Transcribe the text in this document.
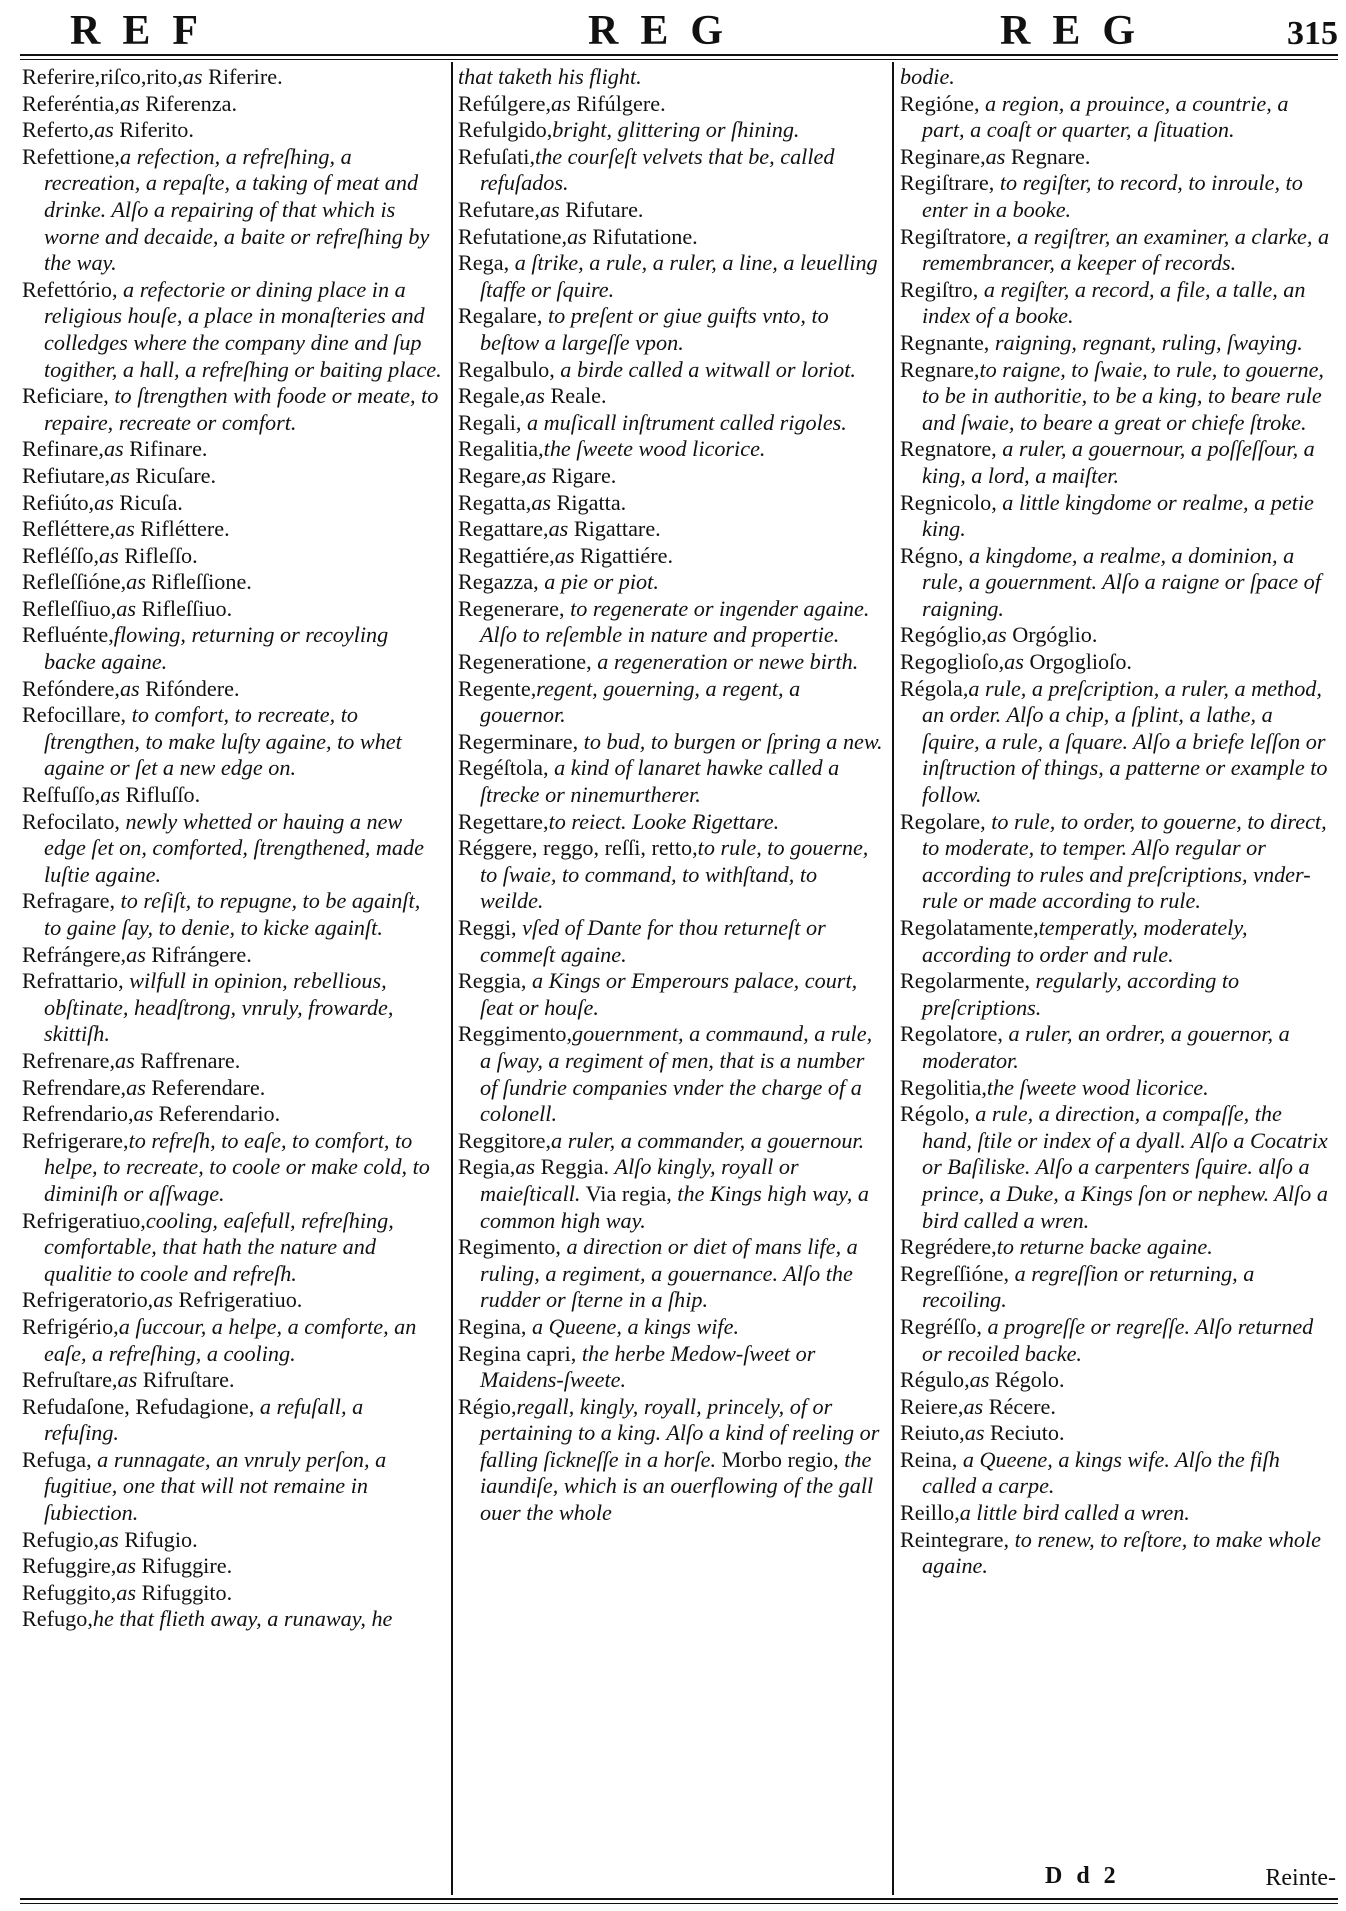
REF	REG	REG	315
Referire,riſco,rito,as Riferire.
Referéntia,as Riferenza.
Referto,as Riferito.
Refettione,a refection, a refreſhing, a recreation, a repaſte, a taking of meat and drinke. Alſo a repairing of that which is worne and decaide, a baite or refreſhing by the way.
Refettório, a refectorie or dining place in a religious houſe, a place in monaſteries and colledges where the company dine and ſup togither, a hall, a refreſhing or baiting place.
Reficiare, to ſtrengthen with foode or meate, to repaire, recreate or comfort.
Refinare,as Rifinare.
Refiutare,as Ricuſare.
Refiúto,as Ricuſa.
Refléttere,as Rifléttere.
Refléſſo,as Rifleſſo.
Refleſſióne,as Rifleſſione.
Refleſſiuo,as Rifleſſiuo.
Refluénte,flowing, returning or recoyling backe againe.
Refóndere,as Rifóndere.
Refocillare, to comfort, to recreate, to ſtrengthen, to make luſty againe, to whet againe or ſet a new edge on.
Reſfuſſo,as Rifluſſo.
Refocilato, newly whetted or hauing a new edge ſet on, comforted, ſtrengthened, made luſtie againe.
Refragare, to reſiſt, to repugne, to be againſt, to gaine ſay, to denie, to kicke againſt.
Refrángere,as Rifrángere.
Refrattario, wilfull in opinion, rebellious, obſtinate, headſtrong, vnruly, frowarde, skittiſh.
Refrenare,as Raffrenare.
Refrendare,as Referendare.
Refrendario,as Referendario.
Refrigerare,to refreſh, to eaſe, to comfort, to helpe, to recreate, to coole or make cold, to diminiſh or aſſwage.
Refrigeratiuo,cooling, eaſefull, refreſhing, comfortable, that hath the nature and qualitie to coole and refreſh.
Refrigeratorio,as Refrigeratiuo.
Refrigério,a ſuccour, a helpe, a comforte, an eaſe, a refreſhing, a cooling.
Refruſtare,as Rifruſtare.
Refudaſone, Refudagione, a refuſall, a refuſing.
Refuga, a runnagate, an vnruly perſon, a fugitiue, one that will not remaine in ſubiection.
Refugio,as Rifugio.
Refuggire,as Rifuggire.
Refuggito,as Rifuggito.
Refugo,he that flieth away, a runaway, he
that taketh his flight.
Refúlgere,as Rifúlgere.
Refulgido,bright, glittering or ſhining.
Refuſati,the courſeſt velvets that be, called refuſados.
Refutare,as Rifutare.
Refutatione,as Rifutatione.
Rega, a ſtrike, a rule, a ruler, a line, a leuelling ſtaffe or ſquire.
Regalare, to preſent or giue guifts vnto, to beſtow a largeſſe vpon.
Regalbulo, a birde called a witwall or loriot.
Regale,as Reale.
Regali, a muſicall inſtrument called rigoles.
Regalitia,the ſweete wood licorice.
Regare,as Rigare.
Regatta,as Rigatta.
Regattare,as Rigattare.
Regattiére,as Rigattiére.
Regazza, a pie or piot.
Regenerare, to regenerate or ingender againe. Alſo to reſemble in nature and propertie.
Regeneratione, a regeneration or newe birth.
Regente,regent, gouerning, a regent, a gouernor.
Regerminare, to bud, to burgen or ſpring a new.
Regéſtola, a kind of lanaret hawke called a ſtrecke or ninemurtherer.
Regettare,to reiect. Looke Rigettare.
Réggere, reggo, reſſi, retto,to rule, to gouerne, to ſwaie, to command, to withſtand, to weilde.
Reggi, vſed of Dante for thou returneſt or commeſt againe.
Reggia, a Kings or Emperours palace, court, ſeat or houſe.
Reggimento,gouernment, a commaund, a rule, a ſway, a regiment of men, that is a number of ſundrie companies vnder the charge of a colonell.
Reggitore,a ruler, a commander, a gouernour.
Regia,as Reggia. Alſo kingly, royall or maieſticall. Via regia, the Kings high way, a common high way.
Regimento, a direction or diet of mans life, a ruling, a regiment, a gouernance. Alſo the rudder or ſterne in a ſhip.
Regina, a Queene, a kings wife.
Regina capri, the herbe Medow-ſweet or Maidens-ſweete.
Régio,regall, kingly, royall, princely, of or pertaining to a king. Alſo a kind of reeling or falling ſickneſſe in a horſe. Morbo regio, the iaundiſe, which is an ouerflowing of the gall ouer the whole
bodie.
Regióne, a region, a prouince, a countrie, a part, a coaſt or quarter, a ſituation.
Reginare,as Regnare.
Regiſtrare, to regiſter, to record, to inroule, to enter in a booke.
Regiſtratore, a regiſtrer, an examiner, a clarke, a remembrancer, a keeper of records.
Regiſtro, a regiſter, a record, a file, a talle, an index of a booke.
Regnante, raigning, regnant, ruling, ſwaying.
Regnare,to raigne, to ſwaie, to rule, to gouerne, to be in authoritie, to be a king, to beare rule and ſwaie, to beare a great or chiefe ſtroke.
Regnatore, a ruler, a gouernour, a poſſeſſour, a king, a lord, a maiſter.
Regnicolo, a little kingdome or realme, a petie king.
Régno, a kingdome, a realme, a dominion, a rule, a gouernment. Alſo a raigne or ſpace of raigning.
Regóglio,as Orgóglio.
Regoglioſo,as Orgoglioſo.
Régola,a rule, a preſcription, a ruler, a method, an order. Alſo a chip, a ſplint, a lathe, a ſquire, a rule, a ſquare. Alſo a briefe leſſon or inſtruction of things, a patterne or example to follow.
Regolare, to rule, to order, to gouerne, to direct, to moderate, to temper. Alſo regular or according to rules and preſcriptions, vnder-rule or made according to rule.
Regolatamente,temperatly, moderately, according to order and rule.
Regolarmente, regularly, according to preſcriptions.
Regolatore, a ruler, an ordrer, a gouernor, a moderator.
Regolitia,the ſweete wood licorice.
Régolo, a rule, a direction, a compaſſe, the hand, ſtile or index of a dyall. Alſo a Cocatrix or Baſiliske. Alſo a carpenters ſquire. alſo a prince, a Duke, a Kings ſon or nephew. Alſo a bird called a wren.
Regrédere,to returne backe againe.
Regreſſióne, a regreſſion or returning, a recoiling.
Regréſſo, a progreſſe or regreſſe. Alſo returned or recoiled backe.
Régulo,as Régolo.
Reiere,as Récere.
Reiuto,as Reciuto.
Reina, a Queene, a kings wife. Alſo the fiſh called a carpe.
Reillo,a little bird called a wren.
Reintegrare, to renew, to reſtore, to make whole againe.
D d 2	Reinte-
